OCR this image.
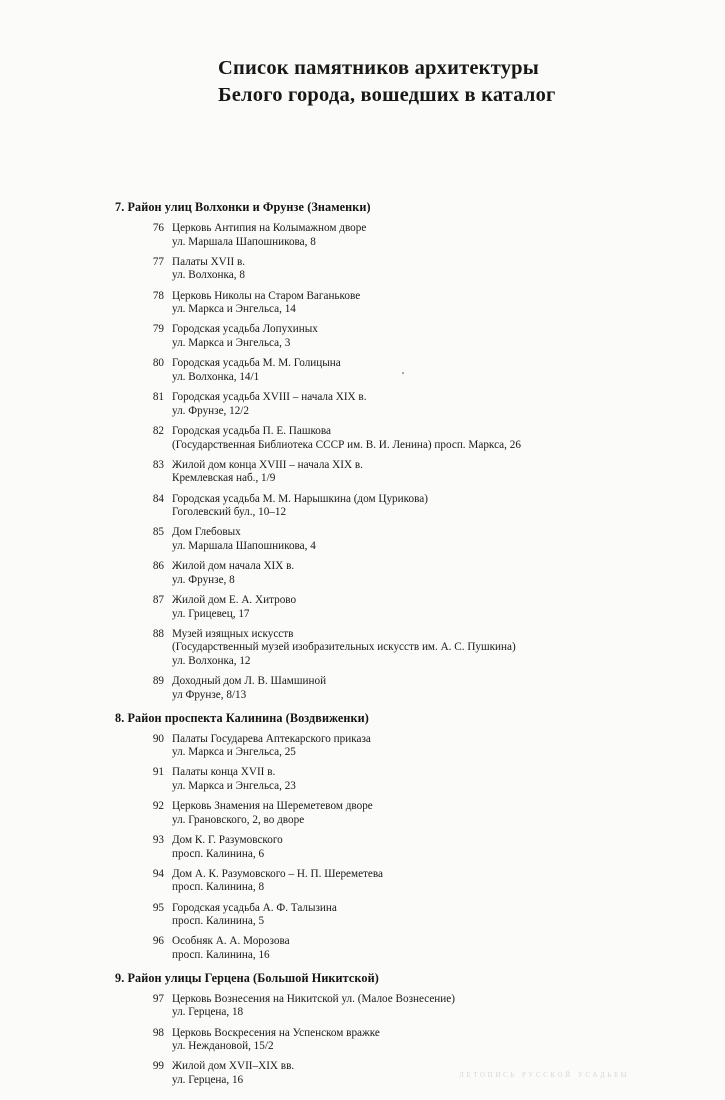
Список памятников архитектуры
Белого города, вошедших в каталог
7. Район улиц Волхонки и Фрунзе (Знаменки)
76 Церковь Антипия на Колымажном дворе
ул. Маршала Шапошникова, 8
77 Палаты XVII в.
ул. Волхонка, 8
78 Церковь Николы на Старом Ваганькове
ул. Маркса и Энгельса, 14
79 Городская усадьба Лопухиных
ул. Маркса и Энгельса, 3
80 Городская усадьба М. М. Голицына
ул. Волхонка, 14/1
81 Городская усадьба XVIII – начала XIX в.
ул. Фрунзе, 12/2
82 Городская усадьба П. Е. Пашкова
(Государственная Библиотека СССР им. В. И. Ленина) просп. Маркса, 26
83 Жилой дом конца XVIII – начала XIX в.
Кремлевская наб., 1/9
84 Городская усадьба М. М. Нарышкина (дом Цурикова)
Гоголевский бул., 10–12
85 Дом Глебовых
ул. Маршала Шапошникова, 4
86 Жилой дом начала XIX в.
ул. Фрунзе, 8
87 Жилой дом Е. А. Хитрово
ул. Грицевец, 17
88 Музей изящных искусств
(Государственный музей изобразительных искусств им. А. С. Пушкина)
ул. Волхонка, 12
89 Доходный дом Л. В. Шамшиной
ул Фрунзе, 8/13
8. Район проспекта Калинина (Воздвиженки)
90 Палаты Государева Аптекарского приказа
ул. Маркса и Энгельса, 25
91 Палаты конца XVII в.
ул. Маркса и Энгельса, 23
92 Церковь Знамения на Шереметевом дворе
ул. Грановского, 2, во дворе
93 Дом К. Г. Разумовского
просп. Калинина, 6
94 Дом А. К. Разумовского – Н. П. Шереметева
просп. Калинина, 8
95 Городская усадьба А. Ф. Талызина
просп. Калинина, 5
96 Особняк А. А. Морозова
просп. Калинина, 16
9. Район улицы Герцена (Большой Никитской)
97 Церковь Вознесения на Никитской ул. (Малое Вознесение)
ул. Герцена, 18
98 Церковь Воскресения на Успенском вражке
ул. Неждановой, 15/2
99 Жилой дом XVII–XIX вв.
ул. Герцена, 16	летопись русской усадьбы
